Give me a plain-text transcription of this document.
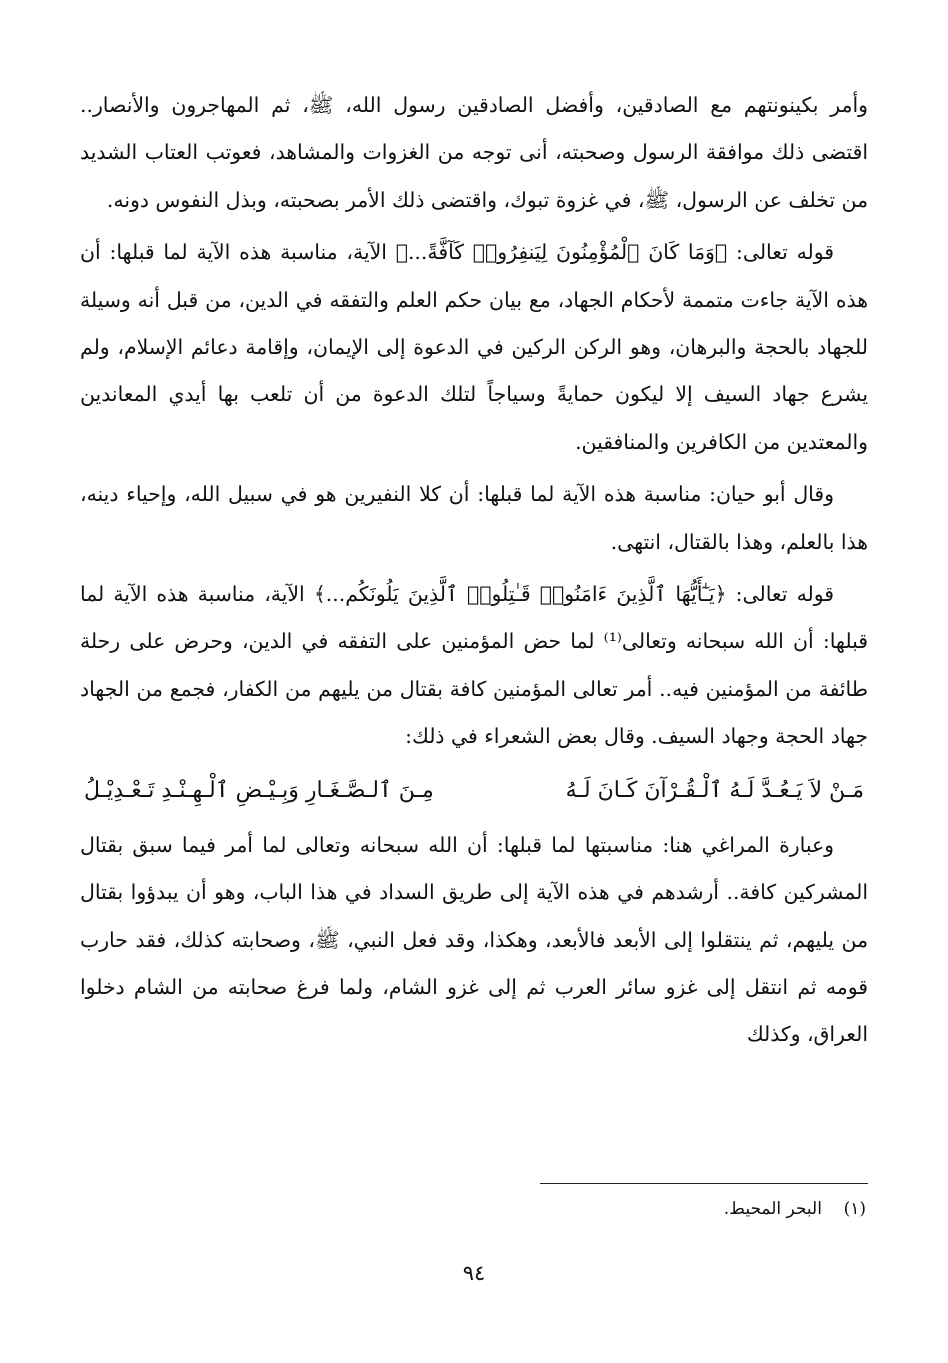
وأمر بكينونتهم مع الصادقين، وأفضل الصادقين رسول الله، ﷺ، ثم المهاجرون والأنصار.. اقتضى ذلك موافقة الرسول وصحبته، أنى توجه من الغزوات والمشاهد، فعوتب العتاب الشديد من تخلف عن الرسول، ﷺ، في غزوة تبوك، واقتضى ذلك الأمر بصحبته، وبذل النفوس دونه.

قوله تعالى: ﴿وَمَا كَانَ ٱلْمُؤْمِنُونَ لِيَنفِرُوا۟ كَآفَّةً...﴾ الآية، مناسبة هذه الآية لما قبلها: أن هذه الآية جاءت متممة لأحكام الجهاد، مع بيان حكم العلم والتفقه في الدين، من قبل أنه وسيلة للجهاد بالحجة والبرهان، وهو الركن الركين في الدعوة إلى الإيمان، وإقامة دعائم الإسلام، ولم يشرع جهاد السيف إلا ليكون حمايةً وسياجاً لتلك الدعوة من أن تلعب بها أيدي المعاندين والمعتدين من الكافرين والمنافقين.

وقال أبو حيان: مناسبة هذه الآية لما قبلها: أن كلا النفيرين هو في سبيل الله، وإحياء دينه، هذا بالعلم، وهذا بالقتال، انتهى.

قوله تعالى: ﴿يَـٰٓأَيُّهَا ٱلَّذِينَ ءَامَنُوا۟ قَـٰتِلُوا۟ ٱلَّذِينَ يَلُونَكُم...﴾ الآية، مناسبة هذه الآية لما قبلها: أن الله سبحانه وتعالى⁽¹⁾ لما حض المؤمنين على التفقه في الدين، وحرض على رحلة طائفة من المؤمنين فيه.. أمر تعالى المؤمنين كافة بقتال من يليهم من الكفار، فجمع من الجهاد جهاد الحجة وجهاد السيف. وقال بعض الشعراء في ذلك:

مَـنْ لاَ يَـعُـدَّ لَـهُ ٱلْـقُـرْآنَ كَـانَ لَـهُ
مِـنَ ٱلـصَّـغَـارِ وَبِـيْـضِ ٱلْـهِـنْـدِ تَـعْـدِيْـلُ

وعبارة المراغي هنا: مناسبتها لما قبلها: أن الله سبحانه وتعالى لما أمر فيما سبق بقتال المشركين كافة.. أرشدهم في هذه الآية إلى طريق السداد في هذا الباب، وهو أن يبدؤوا بقتال من يليهم، ثم ينتقلوا إلى الأبعد فالأبعد، وهكذا، وقد فعل النبي، ﷺ، وصحابته كذلك، فقد حارب قومه ثم انتقل إلى غزو سائر العرب ثم إلى غزو الشام، ولما فرغ صحابته من الشام دخلوا العراق، وكذلك

(١)    البحر المحيط.
٩٤
